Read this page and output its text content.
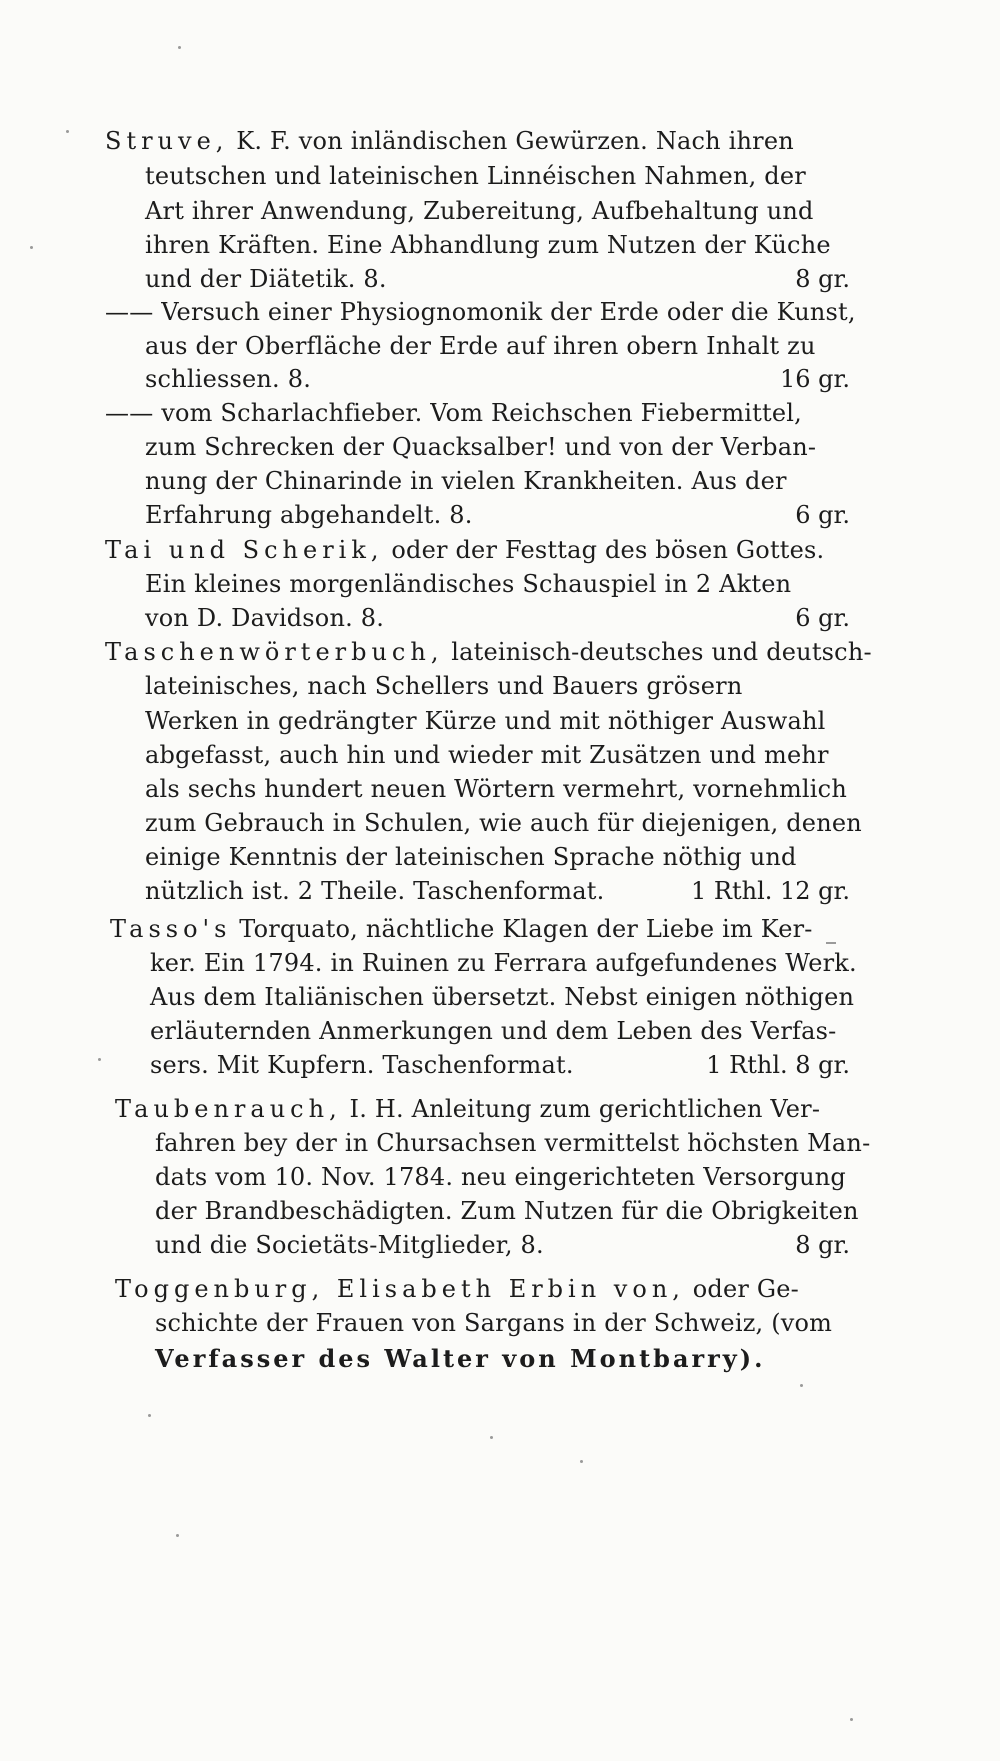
Struve, K. F. von inländischen Gewürzen. Nach ihren
teutschen und lateinischen Linnéischen Nahmen, der
Art ihrer Anwendung, Zubereitung, Aufbehaltung und
ihren Kräften. Eine Abhandlung zum Nutzen der Küche
und der Diätetik. 8.	8 gr.
—— Versuch einer Physiognomonik der Erde oder die Kunst,
aus der Oberfläche der Erde auf ihren obern Inhalt zu
schliessen. 8.	16 gr.
—— vom Scharlachfieber. Vom Reichschen Fiebermittel,
zum Schrecken der Quacksalber! und von der Verban-
nung der Chinarinde in vielen Krankheiten. Aus der
Erfahrung abgehandelt. 8.	6 gr.
Tai und Scherik, oder der Festtag des bösen Gottes.
Ein kleines morgenländisches Schauspiel in 2 Akten
von D. Davidson. 8.	6 gr.
Taschenwörterbuch, lateinisch-deutsches und deutsch-
lateinisches, nach Schellers und Bauers grösern
Werken in gedrängter Kürze und mit nöthiger Auswahl
abgefasst, auch hin und wieder mit Zusätzen und mehr
als sechs hundert neuen Wörtern vermehrt, vornehmlich
zum Gebrauch in Schulen, wie auch für diejenigen, denen
einige Kenntnis der lateinischen Sprache nöthig und
nützlich ist. 2 Theile. Taschenformat.	1 Rthl. 12 gr.
Tasso's Torquato, nächtliche Klagen der Liebe im Ker-
ker. Ein 1794. in Ruinen zu Ferrara aufgefundenes Werk.
Aus dem Italiänischen übersetzt. Nebst einigen nöthigen
erläuternden Anmerkungen und dem Leben des Verfas-
sers. Mit Kupfern. Taschenformat.	1 Rthl. 8 gr.
Taubenrauch, I. H. Anleitung zum gerichtlichen Ver-
fahren bey der in Chursachsen vermittelst höchsten Man-
dats vom 10. Nov. 1784. neu eingerichteten Versorgung
der Brandbeschädigten. Zum Nutzen für die Obrigkeiten
und die Societäts-Mitglieder, 8.	8 gr.
Toggenburg, Elisabeth Erbin von, oder Ge-
schichte der Frauen von Sargans in der Schweiz, (vom
Verfasser des Walter von Montbarry).
